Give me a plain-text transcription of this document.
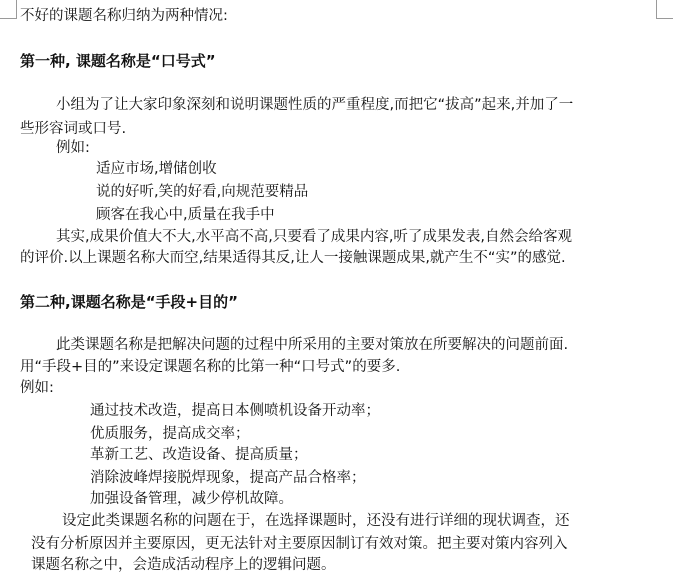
不好的课题名称归纳为两种情况:
第一种, 课题名称是“口号式”
小组为了让大家印象深刻和说明课题性质的严重程度,而把它“拔高”起来,并加了一
些形容词或口号.
例如:
适应市场,增储创收
说的好听,笑的好看,向规范要精品
顾客在我心中,质量在我手中
其实,成果价值大不大,水平高不高,只要看了成果内容,听了成果发表,自然会给客观
的评价.以上课题名称大而空,结果适得其反,让人一接触课题成果,就产生不“实”的感觉.
第二种,课题名称是“手段+目的”
此类课题名称是把解决问题的过程中所采用的主要对策放在所要解决的问题前面.
用“手段+目的”来设定课题名称的比第一种“口号式”的要多.
例如:
通过技术改造，提高日本侧喷机设备开动率；
优质服务，提高成交率；
革新工艺、改造设备、提高质量；
消除波峰焊接脱焊现象，提高产品合格率；
加强设备管理，减少停机故障。
设定此类课题名称的问题在于，在选择课题时，还没有进行详细的现状调查，还
没有分析原因并主要原因，更无法针对主要原因制订有效对策。把主要对策内容列入
课题名称之中，会造成活动程序上的逻辑问题。
